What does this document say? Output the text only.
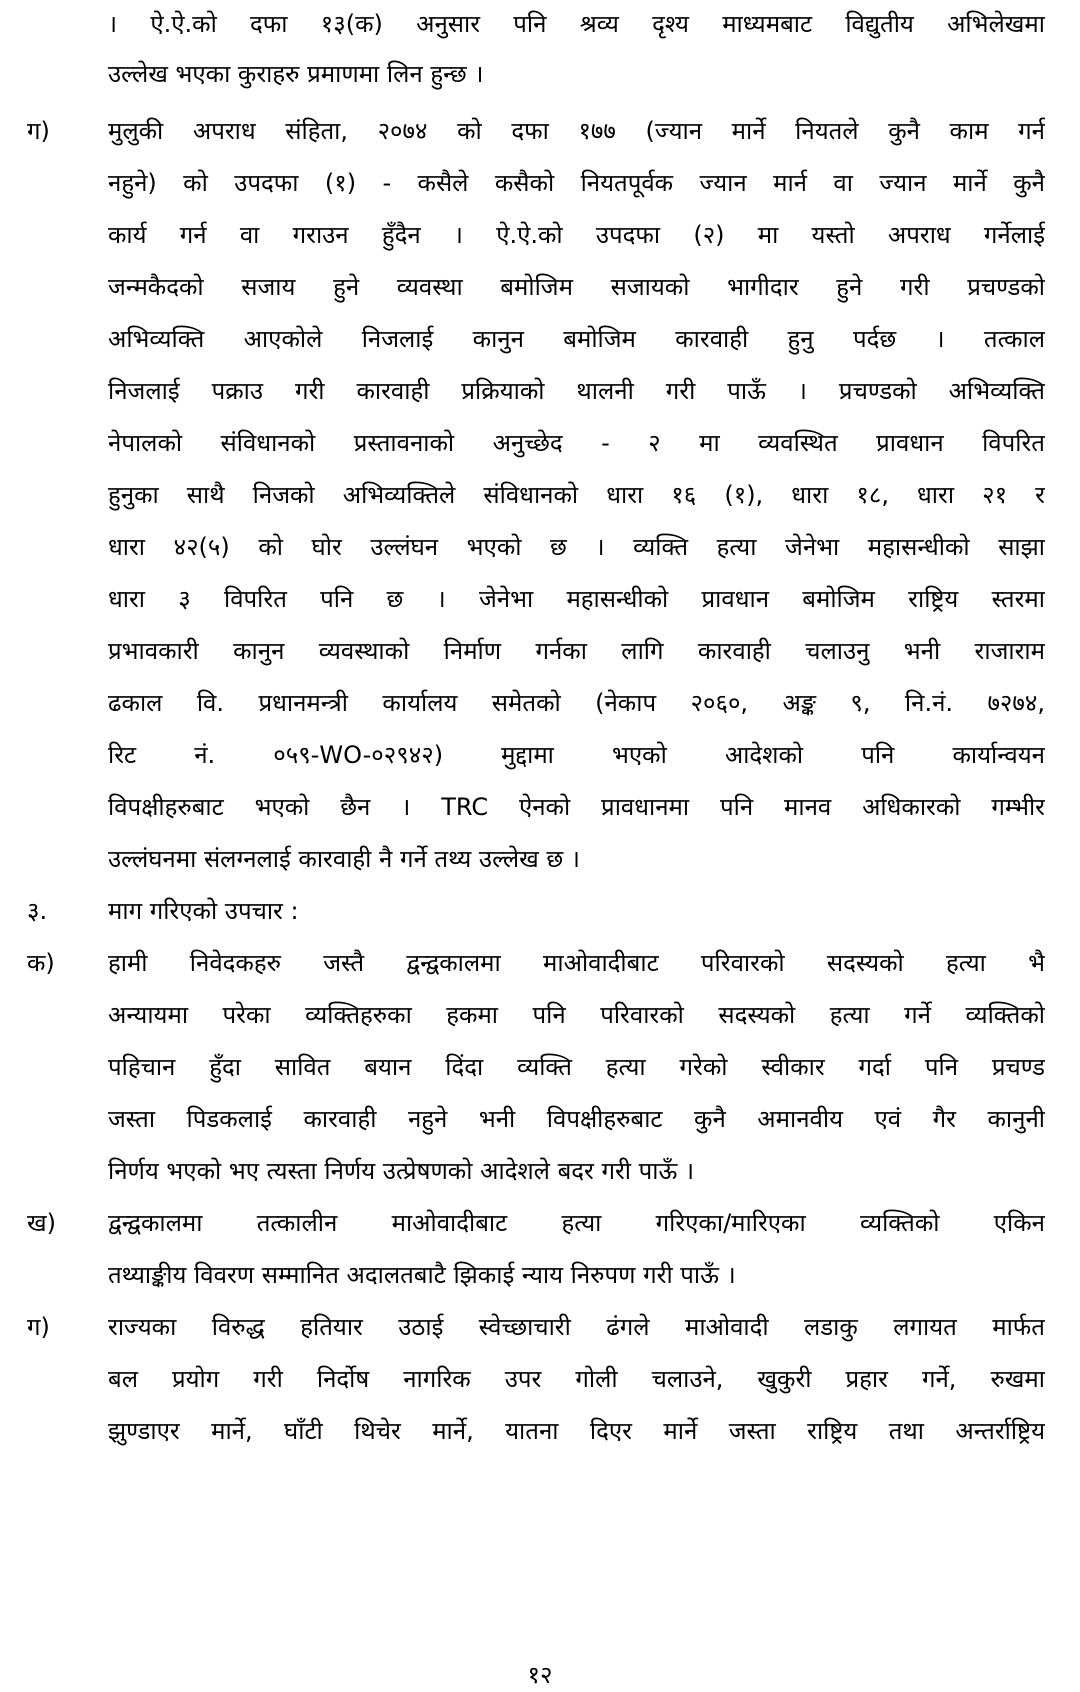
। ऐ.ऐ.को दफा १३(क) अनुसार पनि श्रव्य दृश्य माध्यमबाट विद्युतीय अभिलेखमा
उल्लेख भएका कुराहरु प्रमाणमा लिन हुन्छ ।
ग)	मुलुकी अपराध संहिता, २०७४ को दफा १७७ (ज्यान मार्ने नियतले कुनै काम गर्न
नहुने) को उपदफा (१) - कसैले कसैको नियतपूर्वक ज्यान मार्न वा ज्यान मार्ने कुनै
कार्य गर्न वा गराउन हुँदैन । ऐ.ऐ.को उपदफा (२) मा यस्तो अपराध गर्नेलाई
जन्मकैदको सजाय हुने व्यवस्था बमोजिम सजायको भागीदार हुने गरी प्रचण्डको
अभिव्यक्ति आएकोले निजलाई कानुन बमोजिम कारवाही हुनु पर्दछ । तत्काल
निजलाई पक्राउ गरी कारवाही प्रक्रियाको थालनी गरी पाऊँ । प्रचण्डको अभिव्यक्ति
नेपालको संविधानको प्रस्तावनाको अनुच्छेद - २ मा व्यवस्थित प्रावधान विपरित
हुनुका साथै निजको अभिव्यक्तिले संविधानको धारा १६ (१), धारा १८, धारा २१ र
धारा ४२(५) को घोर उल्लंघन भएको छ । व्यक्ति हत्या जेनेभा महासन्धीको साझा
धारा ३ विपरित पनि छ । जेनेभा महासन्धीको प्रावधान बमोजिम राष्ट्रिय स्तरमा
प्रभावकारी कानुन व्यवस्थाको निर्माण गर्नका लागि कारवाही चलाउनु भनी राजाराम
ढकाल वि. प्रधानमन्त्री कार्यालय समेतको (नेकाप २०६०, अङ्क ९, नि.नं. ७२७४,
रिट नं. ०५९-WO-०२९४२) मुद्दामा भएको आदेशको पनि कार्यान्वयन
विपक्षीहरुबाट भएको छैन । TRC ऐनको प्रावधानमा पनि मानव अधिकारको गम्भीर
उल्लंघनमा संलग्नलाई कारवाही नै गर्ने तथ्य उल्लेख छ ।
३.	माग गरिएको उपचार :
क)	हामी निवेदकहरु जस्तै द्वन्द्वकालमा माओवादीबाट परिवारको सदस्यको हत्या भै
अन्यायमा परेका व्यक्तिहरुका हकमा पनि परिवारको सदस्यको हत्या गर्ने व्यक्तिको
पहिचान हुँदा सावित बयान दिंदा व्यक्ति हत्या गरेको स्वीकार गर्दा पनि प्रचण्ड
जस्ता पिडकलाई कारवाही नहुने भनी विपक्षीहरुबाट कुनै अमानवीय एवं गैर कानुनी
निर्णय भएको भए त्यस्ता निर्णय उत्प्रेषणको आदेशले बदर गरी पाऊँ ।
ख)	द्वन्द्वकालमा तत्कालीन माओवादीबाट हत्या गरिएका/मारिएका व्यक्तिको एकिन
तथ्याङ्कीय विवरण सम्मानित अदालतबाटै झिकाई न्याय निरुपण गरी पाऊँ ।
ग)	राज्यका विरुद्ध हतियार उठाई स्वेच्छाचारी ढंगले माओवादी लडाकु लगायत मार्फत
बल प्रयोग गरी निर्दोष नागरिक उपर गोली चलाउने, खुकुरी प्रहार गर्ने, रुखमा
झुण्डाएर मार्ने, घाँटी थिचेर मार्ने, यातना दिएर मार्ने जस्ता राष्ट्रिय तथा अन्तर्राष्ट्रिय
१२
